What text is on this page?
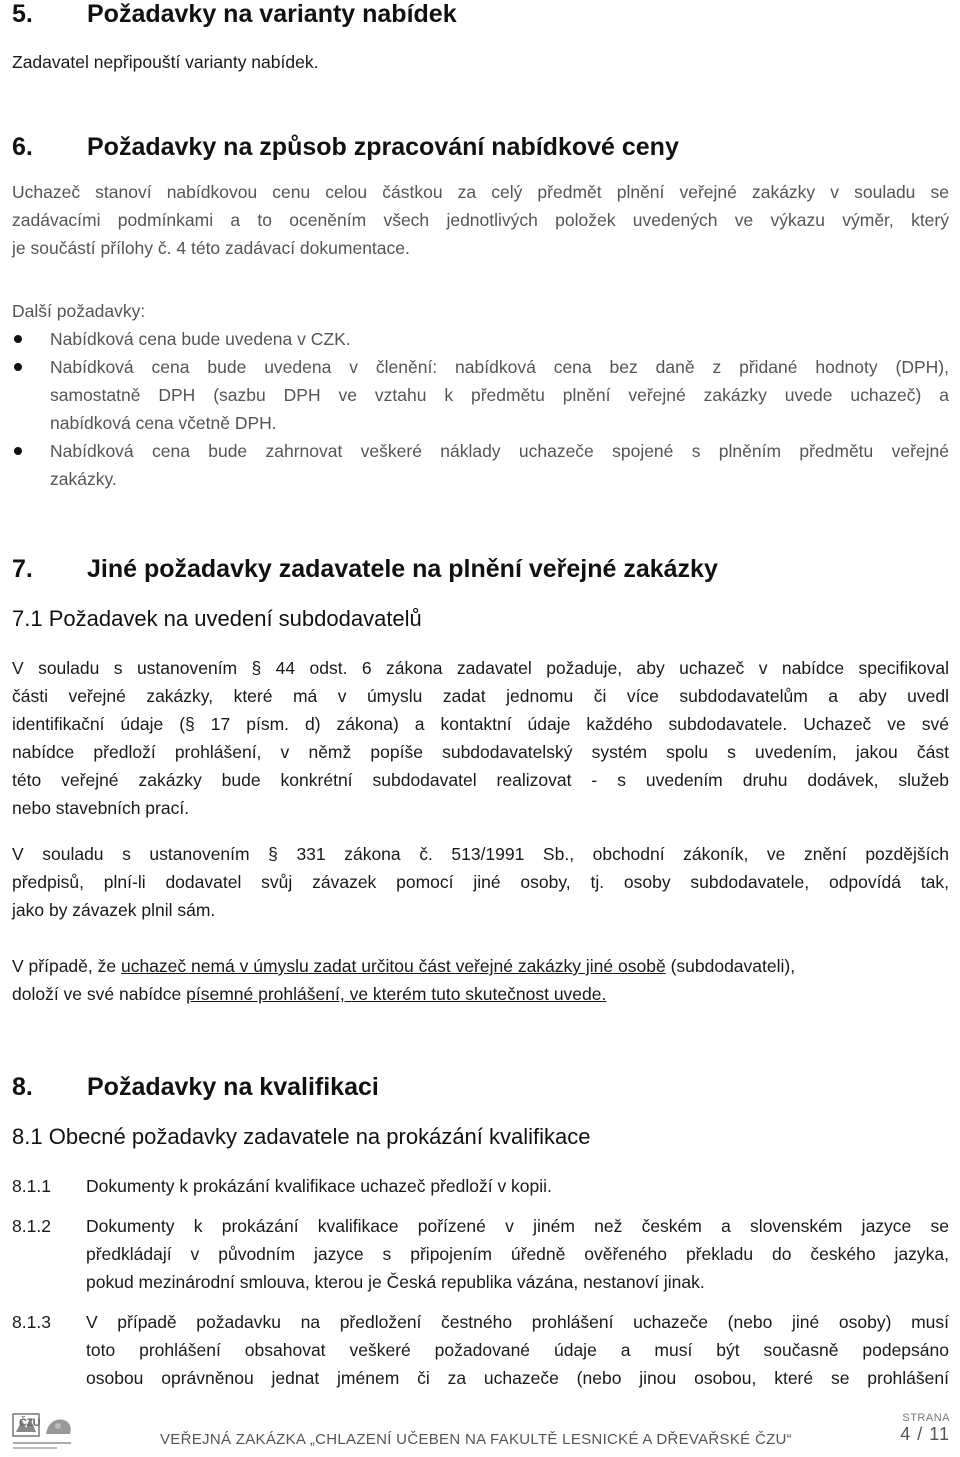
5. Požadavky na varianty nabídek
Zadavatel nepřipouští varianty nabídek.
6. Požadavky na způsob zpracování nabídkové ceny
Uchazeč stanoví nabídkovou cenu celou částkou za celý předmět plnění veřejné zakázky v souladu se
zadávacími podmínkami a to oceněním všech jednotlivých položek uvedených ve výkazu výměr, který
je součástí přílohy č. 4 této zadávací dokumentace.
Další požadavky:
Nabídková cena bude uvedena v CZK.
Nabídková cena bude uvedena v členění: nabídková cena bez daně z přidané hodnoty (DPH),
samostatně DPH (sazbu DPH ve vztahu k předmětu plnění veřejné zakázky uvede uchazeč) a
nabídková cena včetně DPH.
Nabídková cena bude zahrnovat veškeré náklady uchazeče spojené s plněním předmětu veřejné
zakázky.
7. Jiné požadavky zadavatele na plnění veřejné zakázky
7.1 Požadavek na uvedení subdodavatelů
V souladu s ustanovením § 44 odst. 6 zákona zadavatel požaduje, aby uchazeč v nabídce specifikoval
části veřejné zakázky, které má v úmyslu zadat jednomu či více subdodavatelům a aby uvedl
identifikační údaje (§ 17 písm. d) zákona) a kontaktní údaje každého subdodavatele. Uchazeč ve své
nabídce předloží prohlášení, v němž popíše subdodavatelský systém spolu s uvedením, jakou část
této veřejné zakázky bude konkrétní subdodavatel realizovat - s uvedením druhu dodávek, služeb
nebo stavebních prací.
V souladu s ustanovením § 331 zákona č. 513/1991 Sb., obchodní zákoník, ve znění pozdějších
předpisů, plní-li dodavatel svůj závazek pomocí jiné osoby, tj. osoby subdodavatele, odpovídá tak,
jako by závazek plnil sám.
V případě, že uchazeč nemá v úmyslu zadat určitou část veřejné zakázky jiné osobě (subdodavateli),
doloží ve své nabídce písemné prohlášení, ve kterém tuto skutečnost uvede.
8. Požadavky na kvalifikaci
8.1 Obecné požadavky zadavatele na prokázání kvalifikace
8.1.1 Dokumenty k prokázání kvalifikace uchazeč předloží v kopii.
8.1.2 Dokumenty k prokázání kvalifikace pořízené v jiném než českém a slovenském jazyce se
předkládají v původním jazyce s připojením úředně ověřeného překladu do českého jazyka,
pokud mezinárodní smlouva, kterou je Česká republika vázána, nestanoví jinak.
8.1.3 V případě požadavku na předložení čestného prohlášení uchazeče (nebo jiné osoby) musí
toto prohlášení obsahovat veškeré požadované údaje a musí být současně podepsáno
osobou oprávněnou jednat jménem či za uchazeče (nebo jinou osobou, které se prohlášení
ČZU
VEŘEJNÁ ZAKÁZKA „CHLAZENÍ UČEBEN NA FAKULTĚ LESNICKÉ A DŘEVAŘSKÉ ČZU“
STRANA
4 / 11
